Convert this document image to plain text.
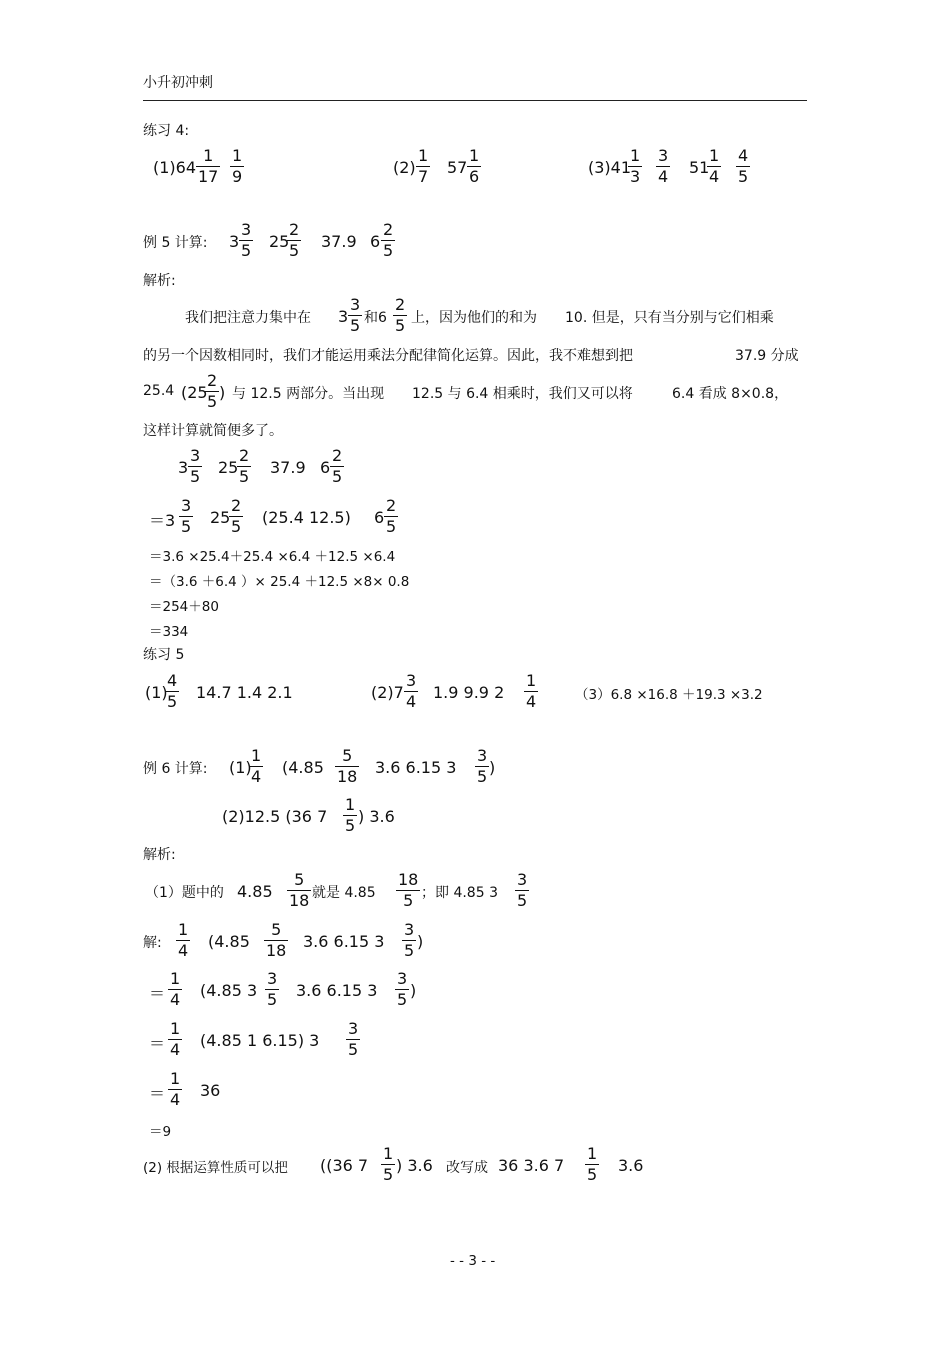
小升初冲刺
练习 4:
(1)64
1
17
1
9	(2)
1
7 57
1
6	(3)41
1
3
3
4 51
1
4
4
5
例 5 计算: 3
3
5 25
2
5 37.9 6
2
5
解析:
我们把注意力集中在 3
3
5 和6
2
5 上，因为他们的和为 10. 但是，只有当分别与它们相乘
的另一个因数相同时，我们才能运用乘法分配律简化运算。因此，我不难想到把	37.9 分成
25.4 (25
2
5 ) 与 12.5 两部分。当出现 12.5 与 6.4 相乘时，我们又可以将	6.4 看成 8×0.8，
这样计算就简便多了。
3
3
5 25
2
5 37.9 6
2
5
＝3
3
5 25
2
5 (25.4 12.5) 6
2
5
＝3.6 ×25.4＋25.4 ×6.4 ＋12.5 ×6.4
＝（3.6 ＋6.4 ）× 25.4 ＋12.5 ×8× 0.8
＝254＋80
＝334
练习 5
(1)
4
5 14.7 1.4 2.1	(2)7
3
4 1.9 9.9 2
1
4	（3）6.8 ×16.8 ＋19.3 ×3.2
例 6 计算: (1)
1
4 (4.85
5
18 3.6 6.15 3
3
5 )
(2)12.5 (36 7
1
5 ) 3.6
解析:
（1）题中的 4.85
5
18 就是 4.85
18
5 ；即 4.85 3
3
5
解:
1
4 (4.85
5
18 3.6 6.15 3
3
5 )
＝
1
4 (4.85 3
3
5 3.6 6.15 3
3
5 )
＝
1
4 (4.85 1 6.15) 3
3
5
＝
1
4 36
＝9
(2) 根据运算性质可以把 ((36 7
1
5 ) 3.6 改写成 36 3.6 7
1
5 3.6
- - 3 - -
